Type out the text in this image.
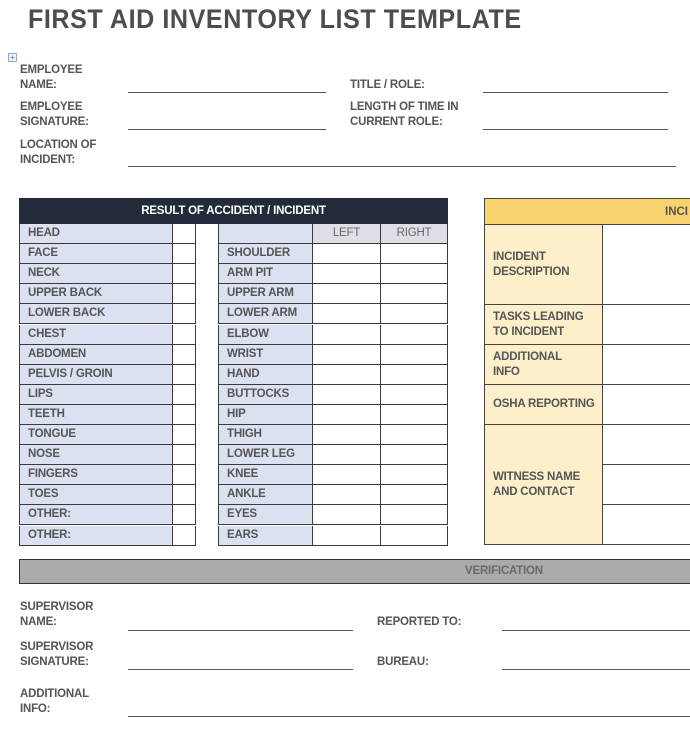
FIRST AID INVENTORY LIST TEMPLATE
+
EMPLOYEE
NAME:	TITLE / ROLE:
EMPLOYEE
SIGNATURE:
LENGTH OF TIME IN
CURRENT ROLE:
LOCATION OF
INCIDENT:
RESULT OF ACCIDENT / INCIDENT
HEAD	LEFT	RIGHT
FACE	SHOULDER
NECK	ARM PIT
UPPER BACK	UPPER ARM
LOWER BACK	LOWER ARM
CHEST	ELBOW
ABDOMEN	WRIST
PELVIS / GROIN	HAND
LIPS	BUTTOCKS
TEETH	HIP
TONGUE	THIGH
NOSE	LOWER LEG
FINGERS	KNEE
TOES	ANKLE
OTHER:	EYES
OTHER:	EARS
INCI
INCIDENT
DESCRIPTION
TASKS LEADING
TO INCIDENT
ADDITIONAL
INFO
OSHA REPORTING
WITNESS NAME
AND CONTACT
VERIFICATION
SUPERVISOR
NAME:	REPORTED TO:
SUPERVISOR
SIGNATURE:	BUREAU:
ADDITIONAL
INFO:
